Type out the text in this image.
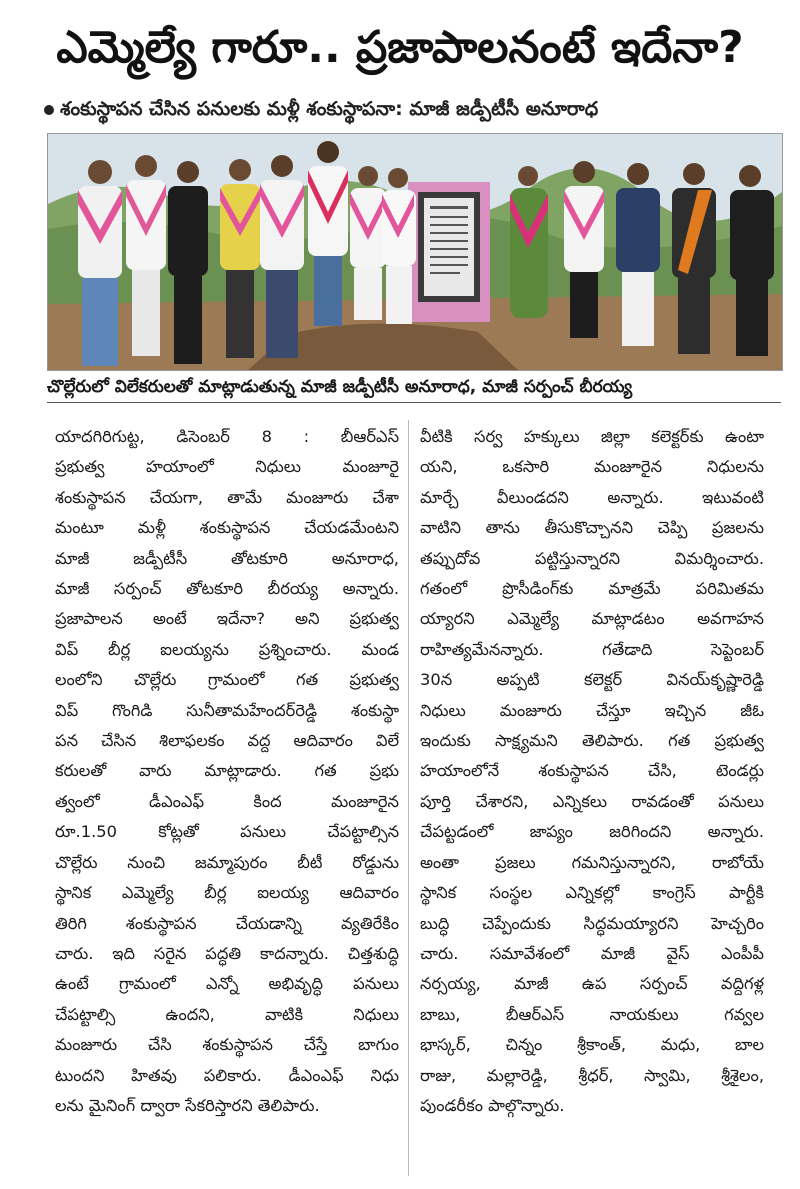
ఎమ్మెల్యే గారూ.. ప్రజాపాలనంటే ఇదేనా?
శంకుస్థాపన చేసిన పనులకు మళ్లీ శంకుస్థాపనా: మాజీ జడ్పీటీసీ అనూరాధ
చొల్లేరులో విలేకరులతో మాట్లాడుతున్న మాజీ జడ్పీటీసీ అనూరాధ, మాజీ సర్పంచ్ బీరయ్య
యాదగిరిగుట్ట, డిసెంబర్ 8 : బీఆర్ఎస్
ప్రభుత్వ హయాంలో నిధులు మంజూరై
శంకుస్థాపన చేయగా, తామే మంజూరు చేశా
మంటూ మళ్లీ శంకుస్థాపన చేయడమేంటని
మాజీ జడ్పీటీసీ తోటకూరి అనూరాధ,
మాజీ సర్పంచ్ తోటకూరి బీరయ్య అన్నారు.
ప్రజాపాలన అంటే ఇదేనా? అని ప్రభుత్వ
విప్ బీర్ల ఐలయ్యను ప్రశ్నించారు. మండ
లంలోని చొల్లేరు గ్రామంలో గత ప్రభుత్వ
విప్ గొంగిడి సునీతామహేందర్‌రెడ్డి శంకుస్థా
పన చేసిన శిలాఫలకం వద్ద ఆదివారం విలే
కరులతో వారు మాట్లాడారు. గత ప్రభు
త్వంలో డీఎంఎఫ్ కింద మంజూరైన
రూ.1.50 కోట్లతో పనులు చేపట్టాల్సిన
చొల్లేరు నుంచి జమ్మాపురం బీటీ రోడ్డును
స్థానిక ఎమ్మెల్యే బీర్ల ఐలయ్య ఆదివారం
తిరిగి శంకుస్థాపన చేయడాన్ని వ్యతిరేకిం
చారు. ఇది సరైన పద్ధతి కాదన్నారు. చిత్తశుద్ధి
ఉంటే గ్రామంలో ఎన్నో అభివృద్ధి పనులు
చేపట్టాల్సి ఉందని, వాటికి నిధులు
మంజూరు చేసి శంకుస్థాపన చేస్తే బాగుం
టుందని హితవు పలికారు. డీఎంఎఫ్ నిధు
లను మైనింగ్ ద్వారా సేకరిస్తారని తెలిపారు.
వీటికి సర్వ హక్కులు జిల్లా కలెక్టర్‌కు ఉంటా
యని, ఒకసారి మంజూరైన నిధులను
మార్చే వీలుండదని అన్నారు. ఇటువంటి
వాటిని తాను తీసుకొచ్చానని చెప్పి ప్రజలను
తప్పుదోవ పట్టిస్తున్నారని విమర్శించారు.
గతంలో ప్రొసీడింగ్‌కు మాత్రమే పరిమితమ
య్యారని ఎమ్మెల్యే మాట్లాడటం అవగాహన
రాహిత్యమేనన్నారు. గతేడాది సెప్టెంబర్
30న అప్పటి కలెక్టర్ వినయ్‌కృష్ణారెడ్డి
నిధులు మంజూరు చేస్తూ ఇచ్చిన జీఓ
ఇందుకు సాక్ష్యమని తెలిపారు. గత ప్రభుత్వ
హయాంలోనే శంకుస్థాపన చేసి, టెండర్లు
పూర్తి చేశారని, ఎన్నికలు రావడంతో పనులు
చేపట్టడంలో జాప్యం జరిగిందని అన్నారు.
అంతా ప్రజలు గమనిస్తున్నారని, రాబోయే
స్థానిక సంస్థల ఎన్నికల్లో కాంగ్రెస్ పార్టీకి
బుద్ధి చెప్పేందుకు సిద్ధమయ్యారని హెచ్చరిం
చారు. సమావేశంలో మాజీ వైస్ ఎంపీపీ
నర్సయ్య, మాజీ ఉప సర్పంచ్ వద్దిగళ్ల
బాబు, బీఆర్ఎస్ నాయకులు గవ్వల
భాస్కర్, చిన్నం శ్రీకాంత్, మధు, బాల
రాజు, మల్లారెడ్డి, శ్రీధర్, స్వామి, శ్రీశైలం,
పుండరీకం పాల్గొన్నారు.
